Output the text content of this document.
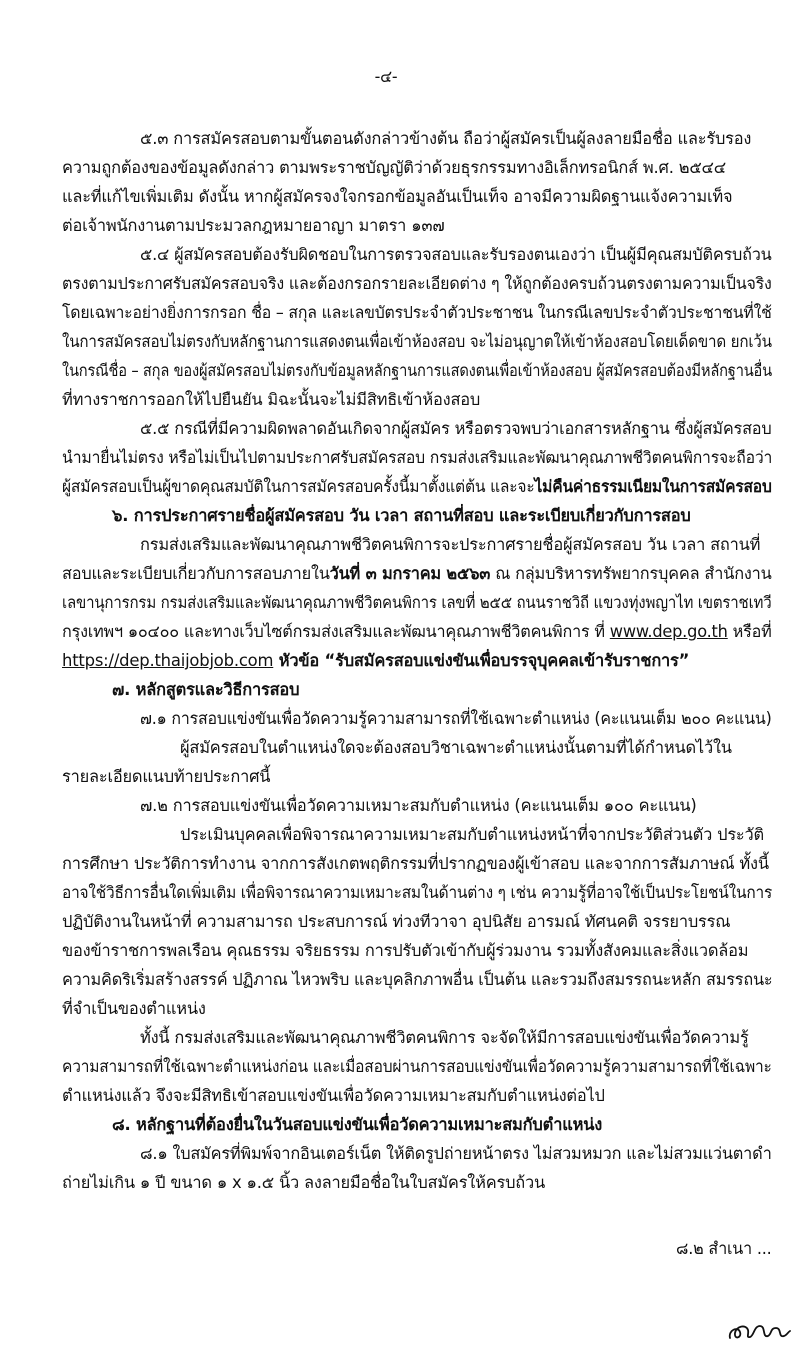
-๔-
๕.๓ การสมัครสอบตามขั้นตอนดังกล่าวข้างต้น ถือว่าผู้สมัครเป็นผู้ลงลายมือชื่อ และรับรอง
ความถูกต้องของข้อมูลดังกล่าว ตามพระราชบัญญัติว่าด้วยธุรกรรมทางอิเล็กทรอนิกส์ พ.ศ. ๒๕๔๔
และที่แก้ไขเพิ่มเติม ดังนั้น หากผู้สมัครจงใจกรอกข้อมูลอันเป็นเท็จ อาจมีความผิดฐานแจ้งความเท็จ
ต่อเจ้าพนักงานตามประมวลกฎหมายอาญา มาตรา ๑๓๗
๕.๔ ผู้สมัครสอบต้องรับผิดชอบในการตรวจสอบและรับรองตนเองว่า เป็นผู้มีคุณสมบัติครบถ้วน
ตรงตามประกาศรับสมัครสอบจริง และต้องกรอกรายละเอียดต่าง ๆ ให้ถูกต้องครบถ้วนตรงตามความเป็นจริง
โดยเฉพาะอย่างยิ่งการกรอก ชื่อ – สกุล และเลขบัตรประจำตัวประชาชน ในกรณีเลขประจำตัวประชาชนที่ใช้
ในการสมัครสอบไม่ตรงกับหลักฐานการแสดงตนเพื่อเข้าห้องสอบ จะไม่อนุญาตให้เข้าห้องสอบโดยเด็ดขาด ยกเว้น
ในกรณีชื่อ – สกุล ของผู้สมัครสอบไม่ตรงกับข้อมูลหลักฐานการแสดงตนเพื่อเข้าห้องสอบ ผู้สมัครสอบต้องมีหลักฐานอื่น
ที่ทางราชการออกให้ไปยืนยัน มิฉะนั้นจะไม่มีสิทธิเข้าห้องสอบ
๕.๕ กรณีที่มีความผิดพลาดอันเกิดจากผู้สมัคร หรือตรวจพบว่าเอกสารหลักฐาน ซึ่งผู้สมัครสอบ
นำมายื่นไม่ตรง หรือไม่เป็นไปตามประกาศรับสมัครสอบ กรมส่งเสริมและพัฒนาคุณภาพชีวิตคนพิการจะถือว่า
ผู้สมัครสอบเป็นผู้ขาดคุณสมบัติในการสมัครสอบครั้งนี้มาตั้งแต่ต้น และจะไม่คืนค่าธรรมเนียมในการสมัครสอบ
๖. การประกาศรายชื่อผู้สมัครสอบ วัน เวลา สถานที่สอบ และระเบียบเกี่ยวกับการสอบ
กรมส่งเสริมและพัฒนาคุณภาพชีวิตคนพิการจะประกาศรายชื่อผู้สมัครสอบ วัน เวลา สถานที่
สอบและระเบียบเกี่ยวกับการสอบภายในวันที่ ๓ มกราคม ๒๕๖๓ ณ กลุ่มบริหารทรัพยากรบุคคล สำนักงาน
เลขานุการกรม กรมส่งเสริมและพัฒนาคุณภาพชีวิตคนพิการ เลขที่ ๒๕๕ ถนนราชวิถี แขวงทุ่งพญาไท เขตราชเทวี
กรุงเทพฯ ๑๐๔๐๐ และทางเว็บไซต์กรมส่งเสริมและพัฒนาคุณภาพชีวิตคนพิการ ที่ www.dep.go.th หรือที่
https://dep.thaijobjob.com หัวข้อ “รับสมัครสอบแข่งขันเพื่อบรรจุบุคคลเข้ารับราชการ”
๗. หลักสูตรและวิธีการสอบ
๗.๑ การสอบแข่งขันเพื่อวัดความรู้ความสามารถที่ใช้เฉพาะตำแหน่ง (คะแนนเต็ม ๒๐๐ คะแนน)
ผู้สมัครสอบในตำแหน่งใดจะต้องสอบวิชาเฉพาะตำแหน่งนั้นตามที่ได้กำหนดไว้ใน
รายละเอียดแนบท้ายประกาศนี้
๗.๒ การสอบแข่งขันเพื่อวัดความเหมาะสมกับตำแหน่ง (คะแนนเต็ม ๑๐๐ คะแนน)
ประเมินบุคคลเพื่อพิจารณาความเหมาะสมกับตำแหน่งหน้าที่จากประวัติส่วนตัว ประวัติ
การศึกษา ประวัติการทำงาน จากการสังเกตพฤติกรรมที่ปรากฏของผู้เข้าสอบ และจากการสัมภาษณ์ ทั้งนี้
อาจใช้วิธีการอื่นใดเพิ่มเติม เพื่อพิจารณาความเหมาะสมในด้านต่าง ๆ เช่น ความรู้ที่อาจใช้เป็นประโยชน์ในการ
ปฏิบัติงานในหน้าที่ ความสามารถ ประสบการณ์ ท่วงทีวาจา อุปนิสัย อารมณ์ ทัศนคติ จรรยาบรรณ
ของข้าราชการพลเรือน คุณธรรม จริยธรรม การปรับตัวเข้ากับผู้ร่วมงาน รวมทั้งสังคมและสิ่งแวดล้อม
ความคิดริเริ่มสร้างสรรค์ ปฏิภาณ ไหวพริบ และบุคลิกภาพอื่น เป็นต้น และรวมถึงสมรรถนะหลัก สมรรถนะ
ที่จำเป็นของตำแหน่ง
ทั้งนี้ กรมส่งเสริมและพัฒนาคุณภาพชีวิตคนพิการ จะจัดให้มีการสอบแข่งขันเพื่อวัดความรู้
ความสามารถที่ใช้เฉพาะตำแหน่งก่อน และเมื่อสอบผ่านการสอบแข่งขันเพื่อวัดความรู้ความสามารถที่ใช้เฉพาะ
ตำแหน่งแล้ว จึงจะมีสิทธิเข้าสอบแข่งขันเพื่อวัดความเหมาะสมกับตำแหน่งต่อไป
๘. หลักฐานที่ต้องยื่นในวันสอบแข่งขันเพื่อวัดความเหมาะสมกับตำแหน่ง
๘.๑ ใบสมัครที่พิมพ์จากอินเตอร์เน็ต ให้ติดรูปถ่ายหน้าตรง ไม่สวมหมวก และไม่สวมแว่นตาดำ
ถ่ายไม่เกิน ๑ ปี ขนาด ๑ x ๑.๕ นิ้ว ลงลายมือชื่อในใบสมัครให้ครบถ้วน
๘.๒ สำเนา ...
